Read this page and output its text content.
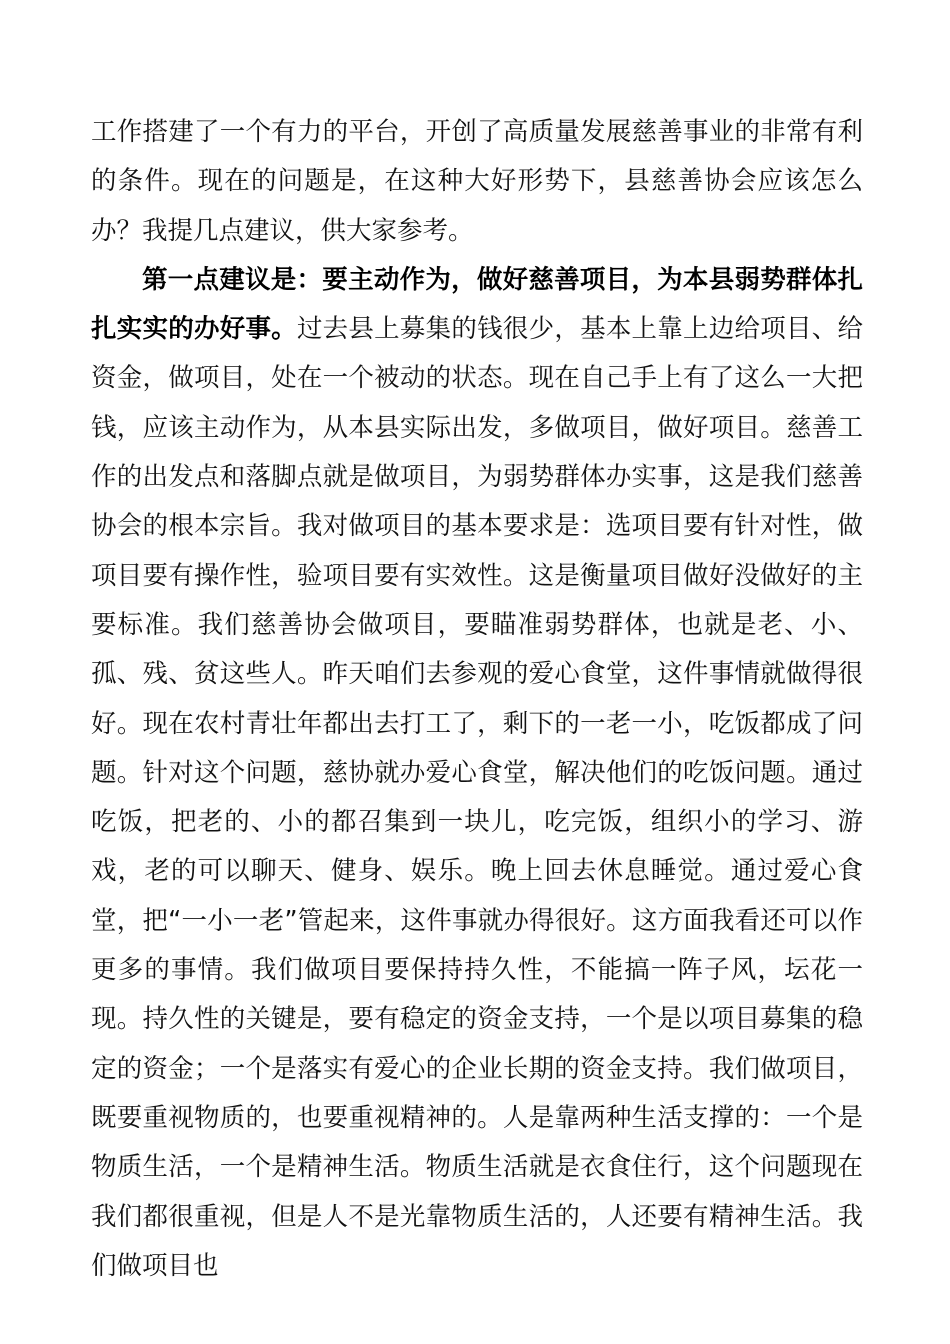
工作搭建了一个有力的平台，开创了高质量发展慈善事业的非常有利的条件。现在的问题是，在这种大好形势下，县慈善协会应该怎么办？我提几点建议，供大家参考。

第一点建议是：要主动作为，做好慈善项目，为本县弱势群体扎扎实实的办好事。过去县上募集的钱很少，基本上靠上边给项目、给资金，做项目，处在一个被动的状态。现在自己手上有了这么一大把钱，应该主动作为，从本县实际出发，多做项目，做好项目。慈善工作的出发点和落脚点就是做项目，为弱势群体办实事，这是我们慈善协会的根本宗旨。我对做项目的基本要求是：选项目要有针对性，做项目要有操作性，验项目要有实效性。这是衡量项目做好没做好的主要标准。我们慈善协会做项目，要瞄准弱势群体，也就是老、小、孤、残、贫这些人。昨天咱们去参观的爱心食堂，这件事情就做得很好。现在农村青壮年都出去打工了，剩下的一老一小，吃饭都成了问题。针对这个问题，慈协就办爱心食堂，解决他们的吃饭问题。通过吃饭，把老的、小的都召集到一块儿，吃完饭，组织小的学习、游戏，老的可以聊天、健身、娱乐。晚上回去休息睡觉。通过爱心食堂，把“一小一老”管起来，这件事就办得很好。这方面我看还可以作更多的事情。我们做项目要保持持久性，不能搞一阵子风，坛花一现。持久性的关键是，要有稳定的资金支持，一个是以项目募集的稳定的资金；一个是落实有爱心的企业长期的资金支持。我们做项目，既要重视物质的，也要重视精神的。人是靠两种生活支撑的：一个是物质生活，一个是精神生活。物质生活就是衣食住行，这个问题现在我们都很重视，但是人不是光靠物质生活的，人还要有精神生活。我们做项目也
